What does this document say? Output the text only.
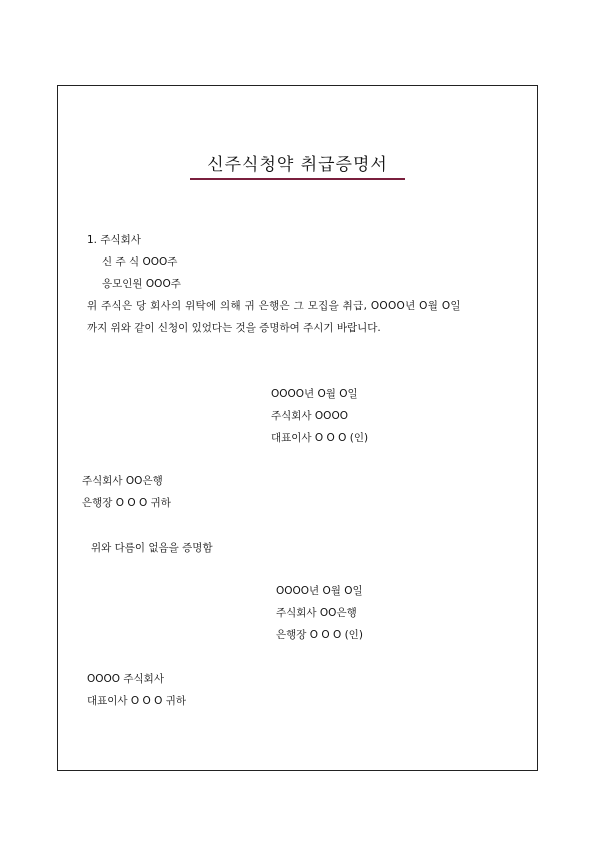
신주식청약 취급증명서
1. 주식회사
신 주 식 OOO주
응모인원 OOO주
위 주식은 당 회사의 위탁에 의해 귀 은행은 그 모집을 취급, OOOO년 O월 O일
까지 위와 같이 신청이 있었다는 것을 증명하여 주시기 바랍니다.
OOOO년 O월 O일
주식회사 OOOO
대표이사 O O O (인)
주식회사 OO은행
은행장 O O O 귀하
위와 다름이 없음을 증명함
OOOO년 O월 O일
주식회사 OO은행
은행장 O O O (인)
OOOO 주식회사
대표이사 O O O 귀하
